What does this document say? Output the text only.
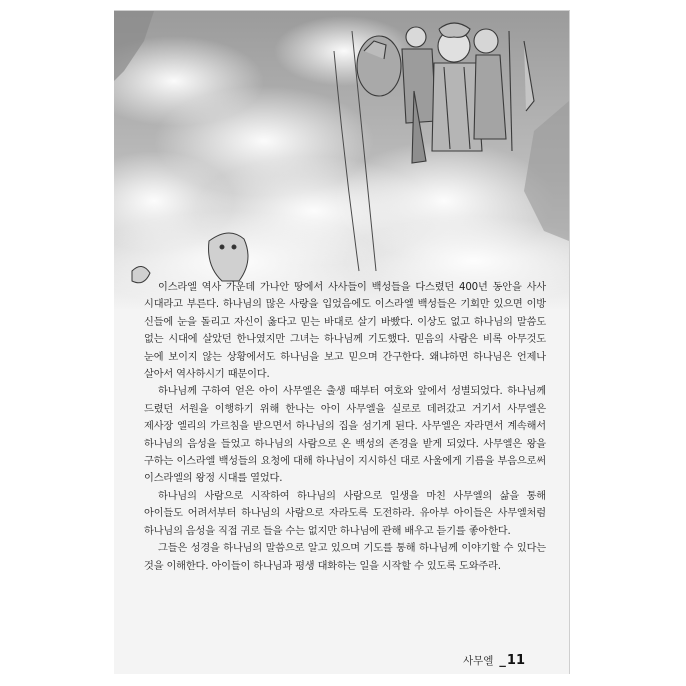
이스라엘 역사 가운데 가나안 땅에서 사사들이 백성들을 다스렸던 400년 동안을 사사 시대라고 부른다. 하나님의 많은 사랑을 입었음에도 이스라엘 백성들은 기회만 있으면 이방 신들에 눈을 돌리고 자신이 옳다고 믿는 바대로 살기 바빴다. 이상도 없고 하나님의 말씀도 없는 시대에 살았던 한나였지만 그녀는 하나님께 기도했다. 믿음의 사람은 비록 아무것도 눈에 보이지 않는 상황에서도 하나님을 보고 믿으며 간구한다. 왜냐하면 하나님은 언제나 살아서 역사하시기 때문이다.

하나님께 구하여 얻은 아이 사무엘은 출생 때부터 여호와 앞에서 성별되었다. 하나님께 드렸던 서원을 이행하기 위해 한나는 아이 사무엘을 실로로 데려갔고 거기서 사무엘은 제사장 엘리의 가르침을 받으면서 하나님의 집을 섬기게 된다. 사무엘은 자라면서 계속해서 하나님의 음성을 들었고 하나님의 사람으로 온 백성의 존경을 받게 되었다. 사무엘은 왕을 구하는 이스라엘 백성들의 요청에 대해 하나님이 지시하신 대로 사울에게 기름을 부음으로써 이스라엘의 왕정 시대를 열었다.

하나님의 사람으로 시작하여 하나님의 사람으로 일생을 마친 사무엘의 삶을 통해 아이들도 어려서부터 하나님의 사람으로 자라도록 도전하라. 유아부 아이들은 사무엘처럼 하나님의 음성을 직접 귀로 들을 수는 없지만 하나님에 관해 배우고 듣기를 좋아한다.

그들은 성경을 하나님의 말씀으로 알고 있으며 기도를 통해 하나님께 이야기할 수 있다는 것을 이해한다. 아이들이 하나님과 평생 대화하는 일을 시작할 수 있도록 도와주라.

사무엘 _ 11
